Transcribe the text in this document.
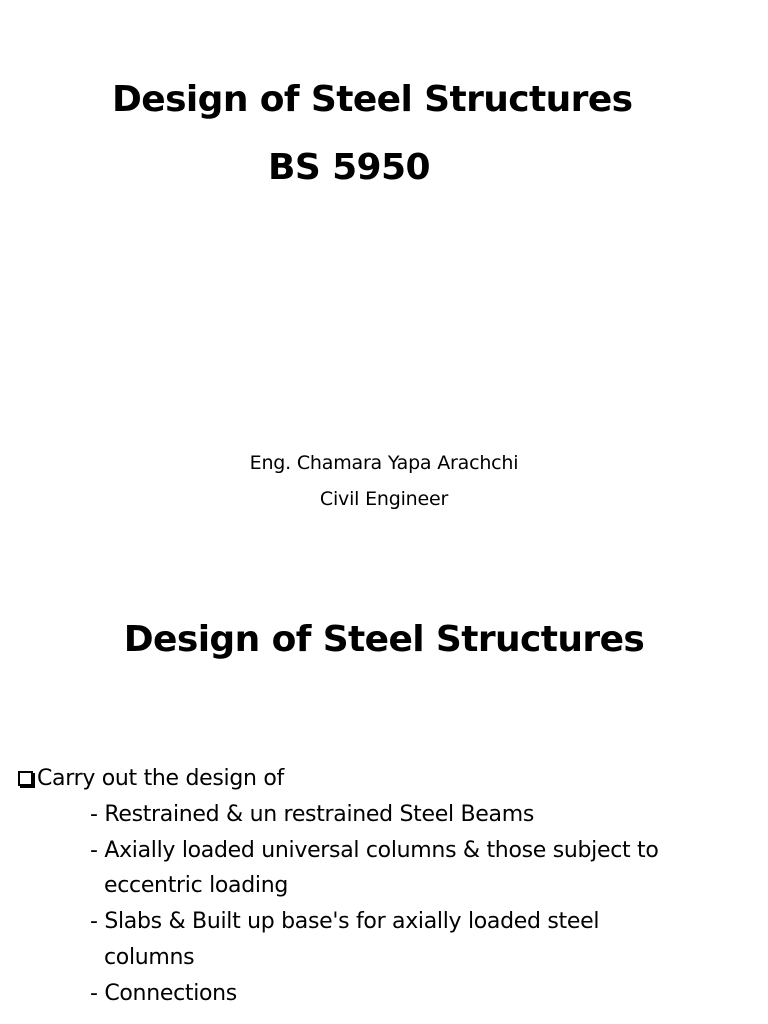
Design of Steel Structures
BS 5950
Eng. Chamara Yapa Arachchi
Civil Engineer
Design of Steel Structures
Carry out the design of
- Restrained & un restrained Steel Beams
- Axially loaded universal columns & those subject to
eccentric loading
- Slabs & Built up base's for axially loaded steel
columns
- Connections
